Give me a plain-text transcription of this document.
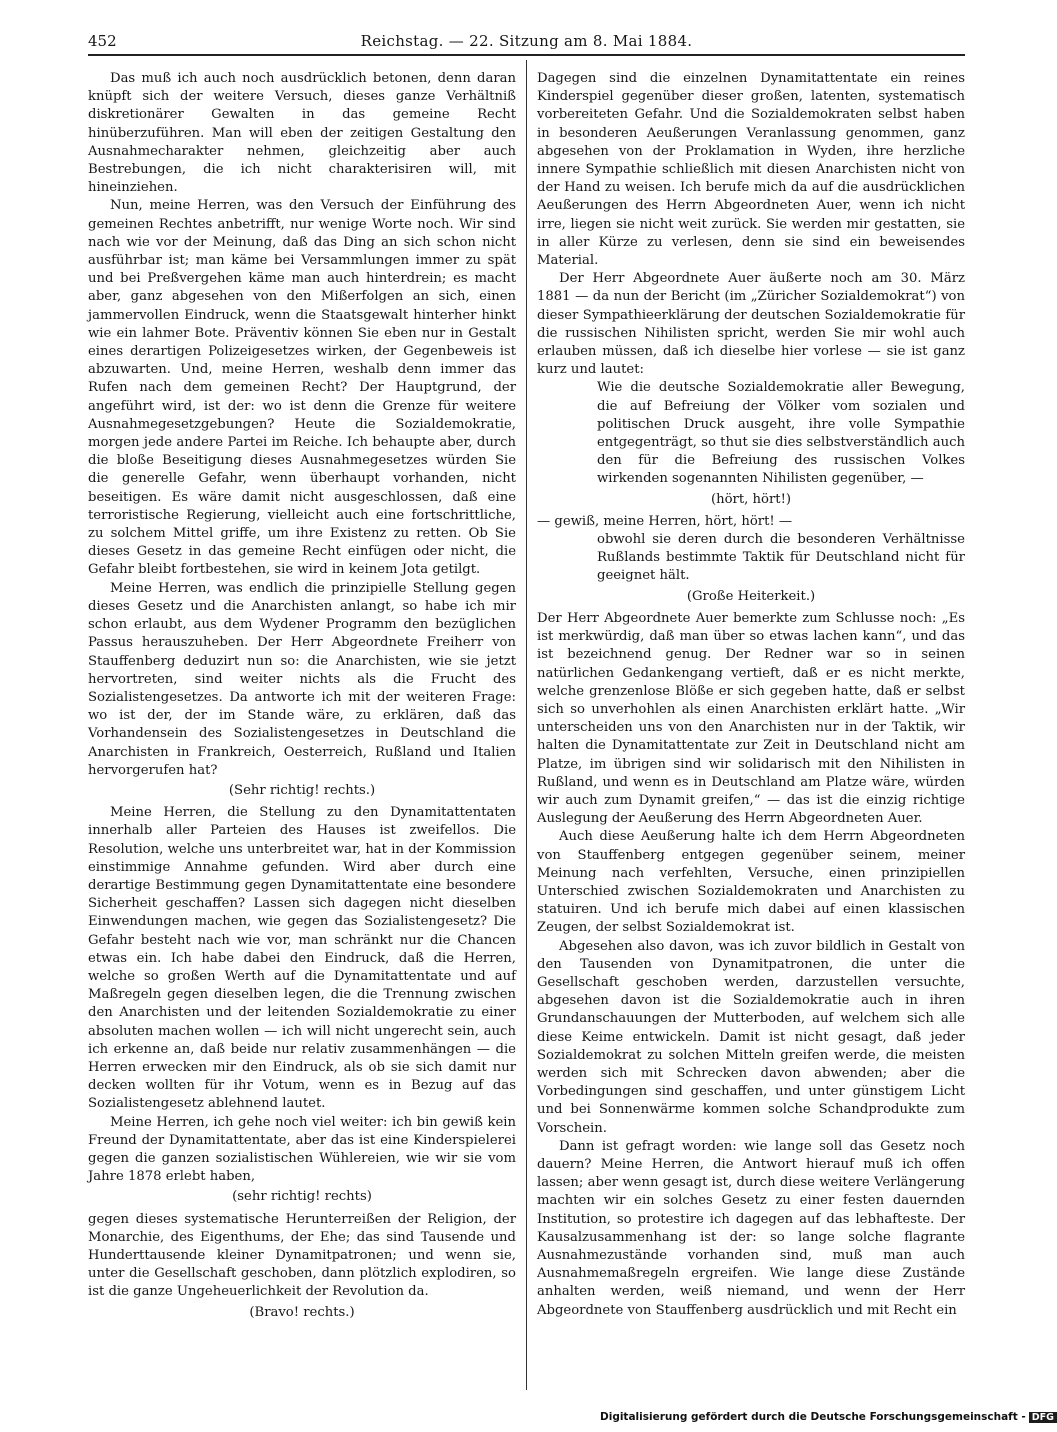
452	Reichstag. — 22. Sitzung am 8. Mai 1884.

Das muß ich auch noch ausdrücklich betonen, denn daran knüpft sich der weitere Versuch, dieses ganze Verhältniß diskretionärer Gewalten in das gemeine Recht hinüberzuführen. Man will eben der zeitigen Gestaltung den Ausnahmecharakter nehmen, gleichzeitig aber auch Bestrebungen, die ich nicht charakterisiren will, mit hineinziehen.

Nun, meine Herren, was den Versuch der Einführung des gemeinen Rechtes anbetrifft, nur wenige Worte noch. Wir sind nach wie vor der Meinung, daß das Ding an sich schon nicht ausführbar ist; man käme bei Versammlungen immer zu spät und bei Preßvergehen käme man auch hinterdrein; es macht aber, ganz abgesehen von den Mißerfolgen an sich, einen jammervollen Eindruck, wenn die Staatsgewalt hinterher hinkt wie ein lahmer Bote. Präventiv können Sie eben nur in Gestalt eines derartigen Polizeigesetzes wirken, der Gegenbeweis ist abzuwarten. Und, meine Herren, weshalb denn immer das Rufen nach dem gemeinen Recht? Der Hauptgrund, der angeführt wird, ist der: wo ist denn die Grenze für weitere Ausnahmegesetzgebungen? Heute die Sozialdemokratie, morgen jede andere Partei im Reiche. Ich behaupte aber, durch die bloße Beseitigung dieses Ausnahmegesetzes würden Sie die generelle Gefahr, wenn überhaupt vorhanden, nicht beseitigen. Es wäre damit nicht ausgeschlossen, daß eine terroristische Regierung, vielleicht auch eine fortschrittliche, zu solchem Mittel griffe, um ihre Existenz zu retten. Ob Sie dieses Gesetz in das gemeine Recht einfügen oder nicht, die Gefahr bleibt fortbestehen, sie wird in keinem Jota getilgt.

Meine Herren, was endlich die prinzipielle Stellung gegen dieses Gesetz und die Anarchisten anlangt, so habe ich mir schon erlaubt, aus dem Wydener Programm den bezüglichen Passus herauszuheben. Der Herr Abgeordnete Freiherr von Stauffenberg deduzirt nun so: die Anarchisten, wie sie jetzt hervortreten, sind weiter nichts als die Frucht des Sozialistengesetzes. Da antworte ich mit der weiteren Frage: wo ist der, der im Stande wäre, zu erklären, daß das Vorhandensein des Sozialistengesetzes in Deutschland die Anarchisten in Frankreich, Oesterreich, Rußland und Italien hervorgerufen hat?

(Sehr richtig! rechts.)

Meine Herren, die Stellung zu den Dynamitattentaten innerhalb aller Parteien des Hauses ist zweifellos. Die Resolution, welche uns unterbreitet war, hat in der Kommission einstimmige Annahme gefunden. Wird aber durch eine derartige Bestimmung gegen Dynamitattentate eine besondere Sicherheit geschaffen? Lassen sich dagegen nicht dieselben Einwendungen machen, wie gegen das Sozialistengesetz? Die Gefahr besteht nach wie vor, man schränkt nur die Chancen etwas ein. Ich habe dabei den Eindruck, daß die Herren, welche so großen Werth auf die Dynamitattentate und auf Maßregeln gegen dieselben legen, die die Trennung zwischen den Anarchisten und der leitenden Sozialdemokratie zu einer absoluten machen wollen — ich will nicht ungerecht sein, auch ich erkenne an, daß beide nur relativ zusammenhängen — die Herren erwecken mir den Eindruck, als ob sie sich damit nur decken wollten für ihr Votum, wenn es in Bezug auf das Sozialistengesetz ablehnend lautet.

Meine Herren, ich gehe noch viel weiter: ich bin gewiß kein Freund der Dynamitattentate, aber das ist eine Kinderspielerei gegen die ganzen sozialistischen Wühlereien, wie wir sie vom Jahre 1878 erlebt haben,

(sehr richtig! rechts)

gegen dieses systematische Herunterreißen der Religion, der Monarchie, des Eigenthums, der Ehe; das sind Tausende und Hunderttausende kleiner Dynamitpatronen; und wenn sie, unter die Gesellschaft geschoben, dann plötzlich explodiren, so ist die ganze Ungeheuerlichkeit der Revolution da.

(Bravo! rechts.)

Dagegen sind die einzelnen Dynamitattentate ein reines Kinderspiel gegenüber dieser großen, latenten, systematisch vorbereiteten Gefahr. Und die Sozialdemokraten selbst haben in besonderen Aeußerungen Veranlassung genommen, ganz abgesehen von der Proklamation in Wyden, ihre herzliche innere Sympathie schließlich mit diesen Anarchisten nicht von der Hand zu weisen. Ich berufe mich da auf die ausdrücklichen Aeußerungen des Herrn Abgeordneten Auer, wenn ich nicht irre, liegen sie nicht weit zurück. Sie werden mir gestatten, sie in aller Kürze zu verlesen, denn sie sind ein beweisendes Material.

Der Herr Abgeordnete Auer äußerte noch am 30. März 1881 — da nun der Bericht (im „Züricher Sozialdemokrat“) von dieser Sympathieerklärung der deutschen Sozialdemokratie für die russischen Nihilisten spricht, werden Sie mir wohl auch erlauben müssen, daß ich dieselbe hier vorlese — sie ist ganz kurz und lautet:

Wie die deutsche Sozialdemokratie aller Bewegung, die auf Befreiung der Völker vom sozialen und politischen Druck ausgeht, ihre volle Sympathie entgegenträgt, so thut sie dies selbstverständlich auch den für die Befreiung des russischen Volkes wirkenden sogenannten Nihilisten gegenüber, —

(hört, hört!)

— gewiß, meine Herren, hört, hört! —

obwohl sie deren durch die besonderen Verhältnisse Rußlands bestimmte Taktik für Deutschland nicht für geeignet hält.

(Große Heiterkeit.)

Der Herr Abgeordnete Auer bemerkte zum Schlusse noch: „Es ist merkwürdig, daß man über so etwas lachen kann“, und das ist bezeichnend genug. Der Redner war so in seinen natürlichen Gedankengang vertieft, daß er es nicht merkte, welche grenzenlose Blöße er sich gegeben hatte, daß er selbst sich so unverhohlen als einen Anarchisten erklärt hatte. „Wir unterscheiden uns von den Anarchisten nur in der Taktik, wir halten die Dynamitattentate zur Zeit in Deutschland nicht am Platze, im übrigen sind wir solidarisch mit den Nihilisten in Rußland, und wenn es in Deutschland am Platze wäre, würden wir auch zum Dynamit greifen,“ — das ist die einzig richtige Auslegung der Aeußerung des Herrn Abgeordneten Auer.

Auch diese Aeußerung halte ich dem Herrn Abgeordneten von Stauffenberg entgegen gegenüber seinem, meiner Meinung nach verfehlten, Versuche, einen prinzipiellen Unterschied zwischen Sozialdemokraten und Anarchisten zu statuiren. Und ich berufe mich dabei auf einen klassischen Zeugen, der selbst Sozialdemokrat ist.

Abgesehen also davon, was ich zuvor bildlich in Gestalt von den Tausenden von Dynamitpatronen, die unter die Gesellschaft geschoben werden, darzustellen versuchte, abgesehen davon ist die Sozialdemokratie auch in ihren Grundanschauungen der Mutterboden, auf welchem sich alle diese Keime entwickeln. Damit ist nicht gesagt, daß jeder Sozialdemokrat zu solchen Mitteln greifen werde, die meisten werden sich mit Schrecken davon abwenden; aber die Vorbedingungen sind geschaffen, und unter günstigem Licht und bei Sonnenwärme kommen solche Schandprodukte zum Vorschein.

Dann ist gefragt worden: wie lange soll das Gesetz noch dauern? Meine Herren, die Antwort hierauf muß ich offen lassen; aber wenn gesagt ist, durch diese weitere Verlängerung machten wir ein solches Gesetz zu einer festen dauernden Institution, so protestire ich dagegen auf das lebhafteste. Der Kausalzusammenhang ist der: so lange solche flagrante Ausnahmezustände vorhanden sind, muß man auch Ausnahmemaßregeln ergreifen. Wie lange diese Zustände anhalten werden, weiß niemand, und wenn der Herr Abgeordnete von Stauffenberg ausdrücklich und mit Recht ein

Digitalisierung gefördert durch die Deutsche Forschungsgemeinschaft - DFG
